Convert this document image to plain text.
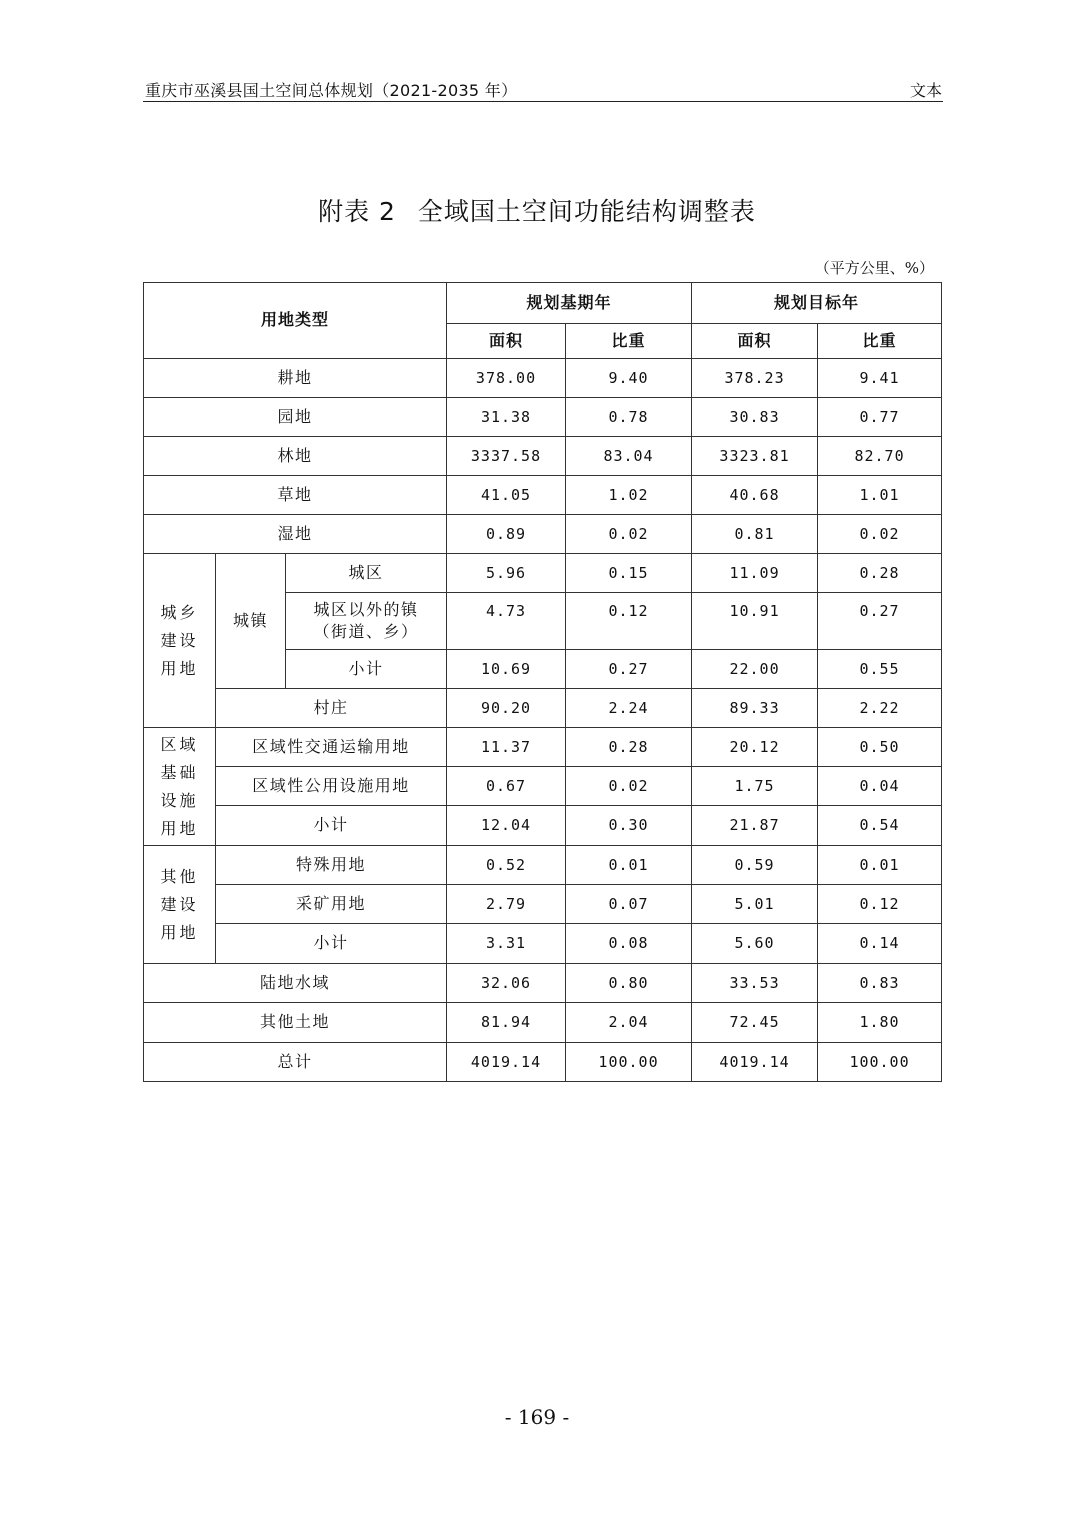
重庆市巫溪县国土空间总体规划（2021-2035 年）	文本
附表 2 全域国土空间功能结构调整表
（平方公里、%）
用地类型			规划基期年		规划目标年	
			面积	比重	面积	比重
耕地			378.00	9.40	378.23	9.41
园地			31.38	0.78	30.83	0.77
林地			3337.58	83.04	3323.81	82.70
草地			41.05	1.02	40.68	1.01
湿地			0.89	0.02	0.81	0.02

城乡
建设
用地	城镇	城区	5.96	0.15	11.09	0.28

		城区以外的镇
（街道、乡）	4.73	0.12	10.91	0.27
		小计	10.69	0.27	22.00	0.55
	村庄		90.20	2.24	89.33	2.22

区域
基础
设施
用地	区域性交通运输用地		11.37	0.28	20.12	0.50
	区域性公用设施用地		0.67	0.02	1.75	0.04
	小计		12.04	0.30	21.87	0.54

其他
建设
用地	特殊用地		0.52	0.01	0.59	0.01
	采矿用地		2.79	0.07	5.01	0.12
	小计		3.31	0.08	5.60	0.14
陆地水域			32.06	0.80	33.53	0.83
其他土地			81.94	2.04	72.45	1.80
总计			4019.14	100.00	4019.14	100.00
- 169 -
